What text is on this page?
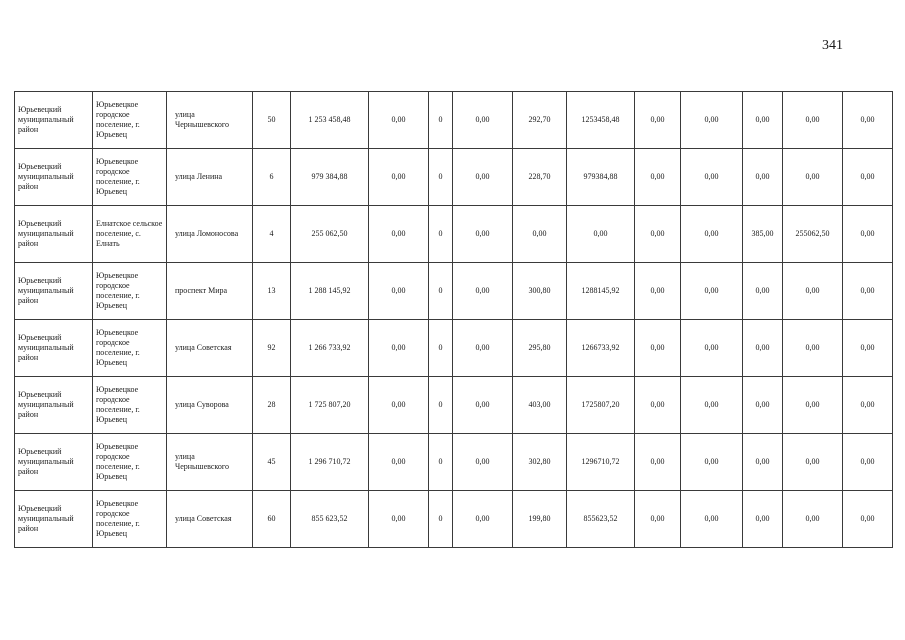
341
Юрьевецкий муниципальный район	Юрьевецкое городское поселение, г. Юрьевец	улица Чернышевского	50	1 253 458,48	0,00	0	0,00	292,70	1253458,48	0,00	0,00	0,00	0,00	0,00
Юрьевецкий муниципальный район	Юрьевецкое городское поселение, г. Юрьевец	улица Ленина	6	979 384,88	0,00	0	0,00	228,70	979384,88	0,00	0,00	0,00	0,00	0,00
Юрьевецкий муниципальный район	Елнатское сельское поселение, с. Елнать	улица Ломоносова	4	255 062,50	0,00	0	0,00	0,00	0,00	0,00	0,00	385,00	255062,50	0,00
Юрьевецкий муниципальный район	Юрьевецкое городское поселение, г. Юрьевец	проспект Мира	13	1 288 145,92	0,00	0	0,00	300,80	1288145,92	0,00	0,00	0,00	0,00	0,00
Юрьевецкий муниципальный район	Юрьевецкое городское поселение, г. Юрьевец	улица Советская	92	1 266 733,92	0,00	0	0,00	295,80	1266733,92	0,00	0,00	0,00	0,00	0,00
Юрьевецкий муниципальный район	Юрьевецкое городское поселение, г. Юрьевец	улица Суворова	28	1 725 807,20	0,00	0	0,00	403,00	1725807,20	0,00	0,00	0,00	0,00	0,00
Юрьевецкий муниципальный район	Юрьевецкое городское поселение, г. Юрьевец	улица Чернышевского	45	1 296 710,72	0,00	0	0,00	302,80	1296710,72	0,00	0,00	0,00	0,00	0,00
Юрьевецкий муниципальный район	Юрьевецкое городское поселение, г. Юрьевец	улица Советская	60	855 623,52	0,00	0	0,00	199,80	855623,52	0,00	0,00	0,00	0,00	0,00
